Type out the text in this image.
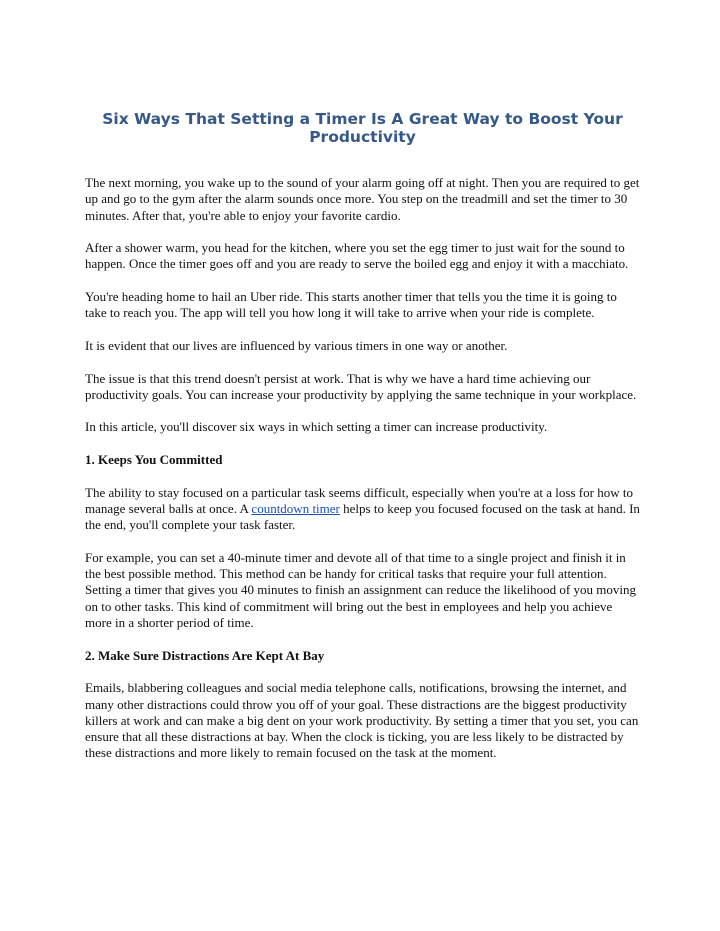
Six Ways That Setting a Timer Is A Great Way to Boost Your Productivity

The next morning, you wake up to the sound of your alarm going off at night. Then you are required to get up and go to the gym after the alarm sounds once more. You step on the treadmill and set the timer to 30 minutes. After that, you're able to enjoy your favorite cardio.

After a shower warm, you head for the kitchen, where you set the egg timer to just wait for the sound to happen. Once the timer goes off and you are ready to serve the boiled egg and enjoy it with a macchiato.

You're heading home to hail an Uber ride. This starts another timer that tells you the time it is going to take to reach you. The app will tell you how long it will take to arrive when your ride is complete.

It is evident that our lives are influenced by various timers in one way or another.

The issue is that this trend doesn't persist at work. That is why we have a hard time achieving our productivity goals. You can increase your productivity by applying the same technique in your workplace.

In this article, you'll discover six ways in which setting a timer can increase productivity.

1. Keeps You Committed

The ability to stay focused on a particular task seems difficult, especially when you're at a loss for how to manage several balls at once. A countdown timer helps to keep you focused focused on the task at hand. In the end, you'll complete your task faster.

For example, you can set a 40-minute timer and devote all of that time to a single project and finish it in the best possible method. This method can be handy for critical tasks that require your full attention. Setting a timer that gives you 40 minutes to finish an assignment can reduce the likelihood of you moving on to other tasks. This kind of commitment will bring out the best in employees and help you achieve more in a shorter period of time.

2. Make Sure Distractions Are Kept At Bay

Emails, blabbering colleagues and social media telephone calls, notifications, browsing the internet, and many other distractions could throw you off of your goal. These distractions are the biggest productivity killers at work and can make a big dent on your work productivity. By setting a timer that you set, you can ensure that all these distractions at bay. When the clock is ticking, you are less likely to be distracted by these distractions and more likely to remain focused on the task at the moment.
